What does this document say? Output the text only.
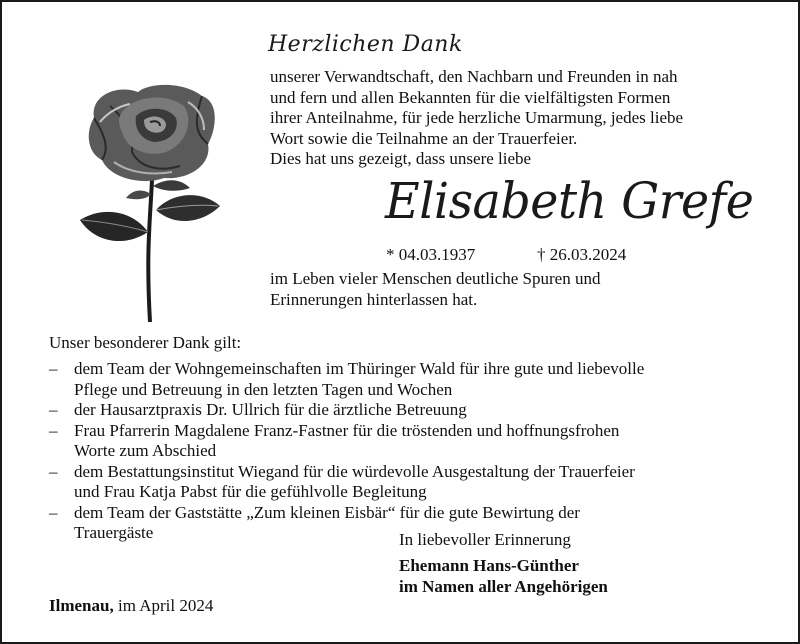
Herzlichen Dank
unserer Verwandtschaft, den Nachbarn und Freunden in nah
und fern und allen Bekannten für die vielfältigsten Formen
ihrer Anteilnahme, für jede herzliche Umarmung, jedes liebe
Wort sowie die Teilnahme an der Trauerfeier.
Dies hat uns gezeigt, dass unsere liebe
Elisabeth Grefe
* 04.03.1937	† 26.03.2024
im Leben vieler Menschen deutliche Spuren und
Erinnerungen hinterlassen hat.
Unser besonderer Dank gilt:
– dem Team der Wohngemeinschaften im Thüringer Wald für ihre gute und liebevolle
Pflege und Betreuung in den letzten Tagen und Wochen
– der Hausarztpraxis Dr. Ullrich für die ärztliche Betreuung
– Frau Pfarrerin Magdalene Franz-Fastner für die tröstenden und hoffnungsfrohen
Worte zum Abschied
– dem Bestattungsinstitut Wiegand für die würdevolle Ausgestaltung der Trauerfeier
und Frau Katja Pabst für die gefühlvolle Begleitung
– dem Team der Gaststätte „Zum kleinen Eisbär“ für die gute Bewirtung der
Trauergäste	In liebevoller Erinnerung
Ehemann Hans-Günther
im Namen aller Angehörigen
Ilmenau, im April 2024
